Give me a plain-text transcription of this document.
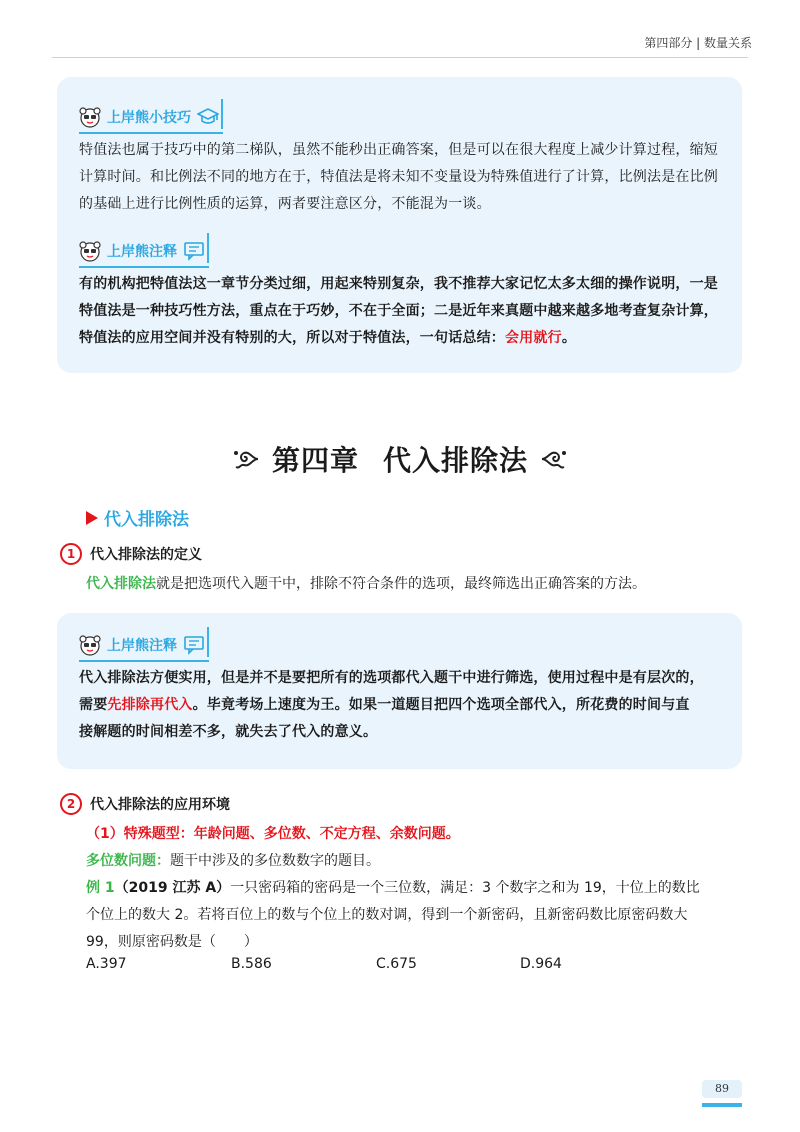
第四部分 | 数量关系
上岸熊小技巧
特值法也属于技巧中的第二梯队，虽然不能秒出正确答案，但是可以在很大程度上减少计算过程，缩短计算时间。和比例法不同的地方在于，特值法是将未知不变量设为特殊值进行了计算，比例法是在比例的基础上进行比例性质的运算，两者要注意区分，不能混为一谈。
上岸熊注释
有的机构把特值法这一章节分类过细，用起来特别复杂，我不推荐大家记忆太多太细的操作说明，一是特值法是一种技巧性方法，重点在于巧妙，不在于全面；二是近年来真题中越来越多地考查复杂计算，特值法的应用空间并没有特别的大，所以对于特值法，一句话总结：会用就行。
第四章 代入排除法
代入排除法
1	代入排除法的定义
代入排除法就是把选项代入题干中，排除不符合条件的选项，最终筛选出正确答案的方法。
上岸熊注释
代入排除法方便实用，但是并不是要把所有的选项都代入题干中进行筛选，使用过程中是有层次的，
需要先排除再代入。毕竟考场上速度为王。如果一道题目把四个选项全部代入，所花费的时间与直
接解题的时间相差不多，就失去了代入的意义。
2	代入排除法的应用环境
（1）特殊题型：年龄问题、多位数、不定方程、余数问题。
多位数问题：题干中涉及的多位数数字的题目。
例 1（2019 江苏 A）一只密码箱的密码是一个三位数，满足：3 个数字之和为 19，十位上的数比
个位上的数大 2。若将百位上的数与个位上的数对调，得到一个新密码，且新密码数比原密码数大
99，则原密码数是（　　）
A.397	B.586	C.675	D.964
89
